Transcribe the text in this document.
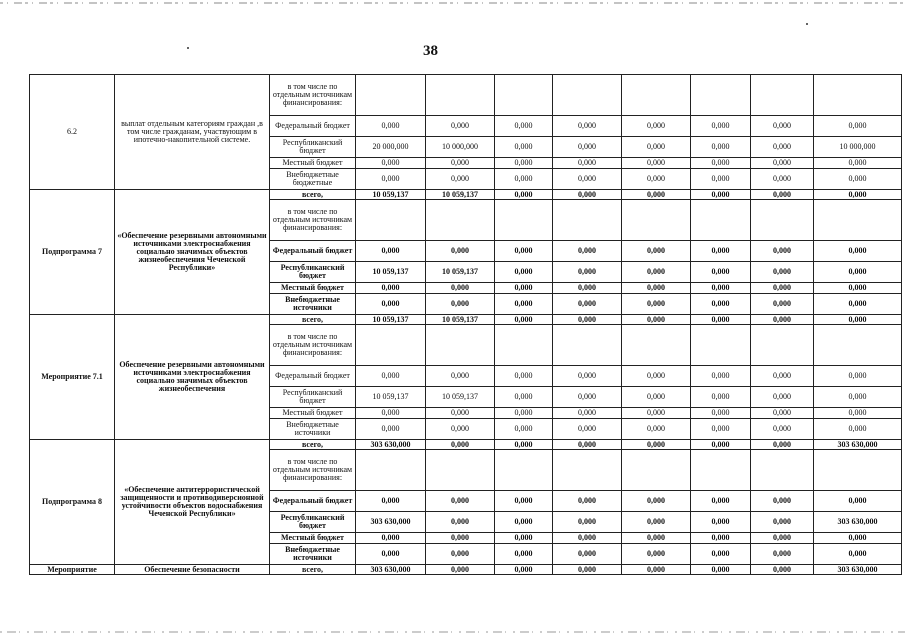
38
6.2	выплат отдельным категориям граждан ,в том числе гражданам, участвующим в ипотечно-накопительной системе.	в том числе по отдельным источникам финансирования:								
		Федеральный бюджет	0,000	0,000	0,000	0,000	0,000	0,000	0,000	0,000
		Республиканский бюджет	20 000,000	10 000,000	0,000	0,000	0,000	0,000	0,000	10 000,000
		Местный бюджет	0,000	0,000	0,000	0,000	0,000	0,000	0,000	0,000
		Внебюджетные бюджетные	0,000	0,000	0,000	0,000	0,000	0,000	0,000	0,000
Подпрограмма 7	«Обеспечение резервными автономными источниками электроснабжения социально значимых объектов жизнеобеспечения Чеченской Республики»	всего,	10 059,137	10 059,137	0,000	0,000	0,000	0,000	0,000	0,000
		в том числе по отдельным источникам финансирования:								
		Федеральный бюджет	0,000	0,000	0,000	0,000	0,000	0,000	0,000	0,000
		Республиканский бюджет	10 059,137	10 059,137	0,000	0,000	0,000	0,000	0,000	0,000
		Местный бюджет	0,000	0,000	0,000	0,000	0,000	0,000	0,000	0,000
		Внебюджетные источники	0,000	0,000	0,000	0,000	0,000	0,000	0,000	0,000
Мероприятие 7.1	Обеспечение резервными автономными источниками электроснабжения социально значимых объектов жизнеобеспечения	всего,	10 059,137	10 059,137	0,000	0,000	0,000	0,000	0,000	0,000
		в том числе по отдельным источникам финансирования:								
		Федеральный бюджет	0,000	0,000	0,000	0,000	0,000	0,000	0,000	0,000
		Республиканский бюджет	10 059,137	10 059,137	0,000	0,000	0,000	0,000	0,000	0,000
		Местный бюджет	0,000	0,000	0,000	0,000	0,000	0,000	0,000	0,000
		Внебюджетные источники	0,000	0,000	0,000	0,000	0,000	0,000	0,000	0,000
Подпрограмма 8	«Обеспечение антитеррористической защищенности и противодиверсионной устойчивости объектов водоснабжения Чеченской Республики»	всего,	303 630,000	0,000	0,000	0,000	0,000	0,000	0,000	303 630,000
		в том числе по отдельным источникам финансирования:								
		Федеральный бюджет	0,000	0,000	0,000	0,000	0,000	0,000	0,000	0,000
		Республиканский бюджет	303 630,000	0,000	0,000	0,000	0,000	0,000	0,000	303 630,000
		Местный бюджет	0,000	0,000	0,000	0,000	0,000	0,000	0,000	0,000
		Внебюджетные источники	0,000	0,000	0,000	0,000	0,000	0,000	0,000	0,000
Мероприятие	Обеспечение безопасности	всего,	303 630,000	0,000	0,000	0,000	0,000	0,000	0,000	303 630,000
